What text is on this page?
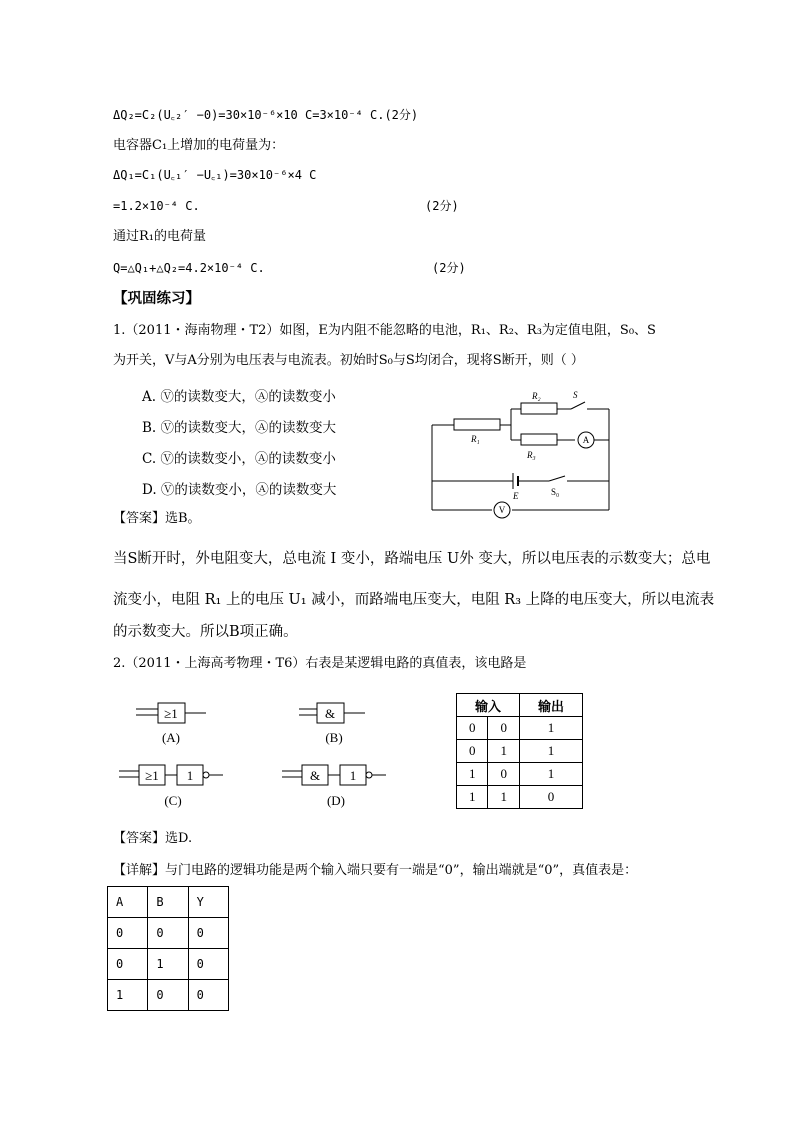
ΔQ₂=C₂(U꜀₂′ −0)=30×10⁻⁶×10 C=3×10⁻⁴ C.(2分)
电容器C₁上增加的电荷量为：
ΔQ₁=C₁(U꜀₁′ −U꜀₁)=30×10⁻⁶×4 C
=1.2×10⁻⁴ C.	(2分)
通过R₁的电荷量
Q=△Q₁+△Q₂=4.2×10⁻⁴ C.	(2分)
【巩固练习】
1.（2011・海南物理・T2）如图，E为内阻不能忽略的电池，R₁、R₂、R₃为定值电阻，S₀、S
为开关，V与A分别为电压表与电流表。初始时S₀与S均闭合，现将S断开，则（ ）
A. Ⓥ的读数变大，Ⓐ的读数变小
B. Ⓥ的读数变大，Ⓐ的读数变大
C. Ⓥ的读数变小，Ⓐ的读数变小
D. Ⓥ的读数变小，Ⓐ的读数变大
R₁
R₂
R₃
S
E	S₀
A
V
【答案】选B。
当S断开时，外电阻变大，总电流 I 变小，路端电压 U外 变大，所以电压表的示数变大；总电
流变小，电阻 R₁ 上的电压 U₁ 减小，而路端电压变大，电阻 R₃ 上降的电压变大，所以电流表
的示数变大。所以B项正确。
2.（2011・上海高考物理・T6）右表是某逻辑电路的真值表，该电路是
≥1
(A)
&
(B)
≥1 1
(C)
& 1
(D)
输入		输出
0	0	1
0	1	1
1	0	1
1	1	0
【答案】选D.
【详解】与门电路的逻辑功能是两个输入端只要有一端是“0”，输出端就是“0”，真值表是：
A	B	Y
0	0	0
0	1	0
1	0	0
